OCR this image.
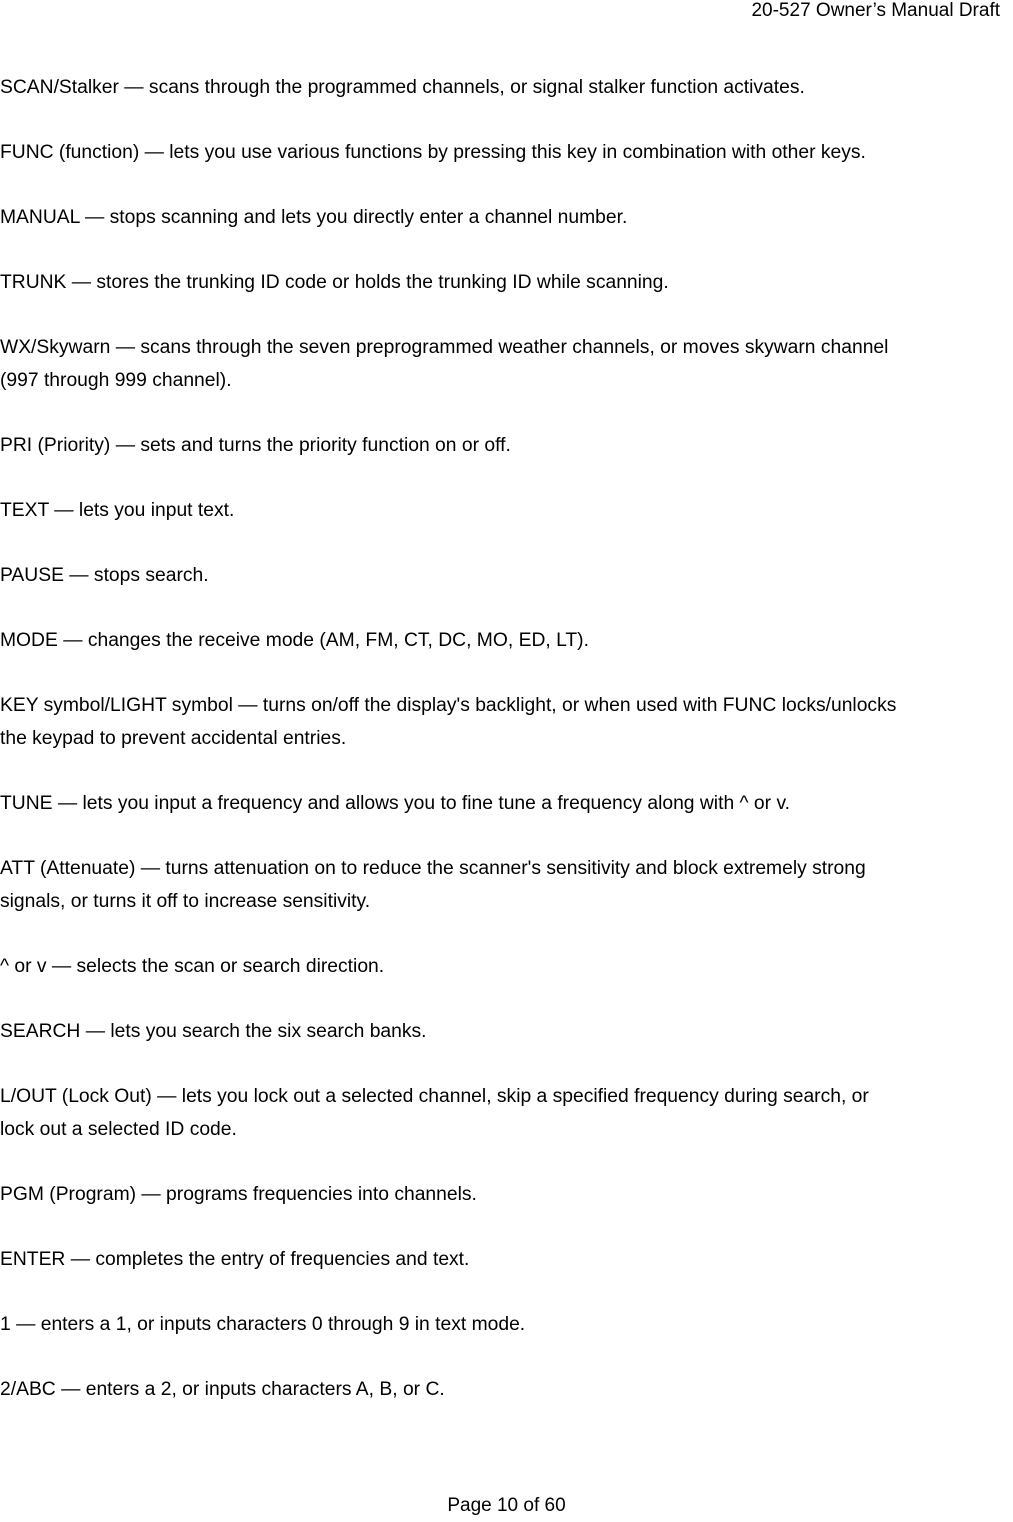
20-527 Owner’s Manual Draft

SCAN/Stalker — scans through the programmed channels, or signal stalker function activates.

FUNC (function) — lets you use various functions by pressing this key in combination with other keys.

MANUAL — stops scanning and lets you directly enter a channel number.

TRUNK — stores the trunking ID code or holds the trunking ID while scanning.

WX/Skywarn — scans through the seven preprogrammed weather channels, or moves skywarn channel
(997 through 999 channel).

PRI (Priority) — sets and turns the priority function on or off.

TEXT — lets you input text.

PAUSE — stops search.

MODE — changes the receive mode (AM, FM, CT, DC, MO, ED, LT).

KEY symbol/LIGHT symbol — turns on/off the display's backlight, or when used with FUNC locks/unlocks
the keypad to prevent accidental entries.

TUNE — lets you input a frequency and allows you to fine tune a frequency along with ^ or v.

ATT (Attenuate) — turns attenuation on to reduce the scanner's sensitivity and block extremely strong
signals, or turns it off to increase sensitivity.

^ or v — selects the scan or search direction.

SEARCH — lets you search the six search banks.

L/OUT (Lock Out) — lets you lock out a selected channel, skip a specified frequency during search, or
lock out a selected ID code.

PGM (Program) — programs frequencies into channels.

ENTER — completes the entry of frequencies and text.

1 — enters a 1, or inputs characters 0 through 9 in text mode.

2/ABC — enters a 2, or inputs characters A, B, or C.

Page 10 of 60
